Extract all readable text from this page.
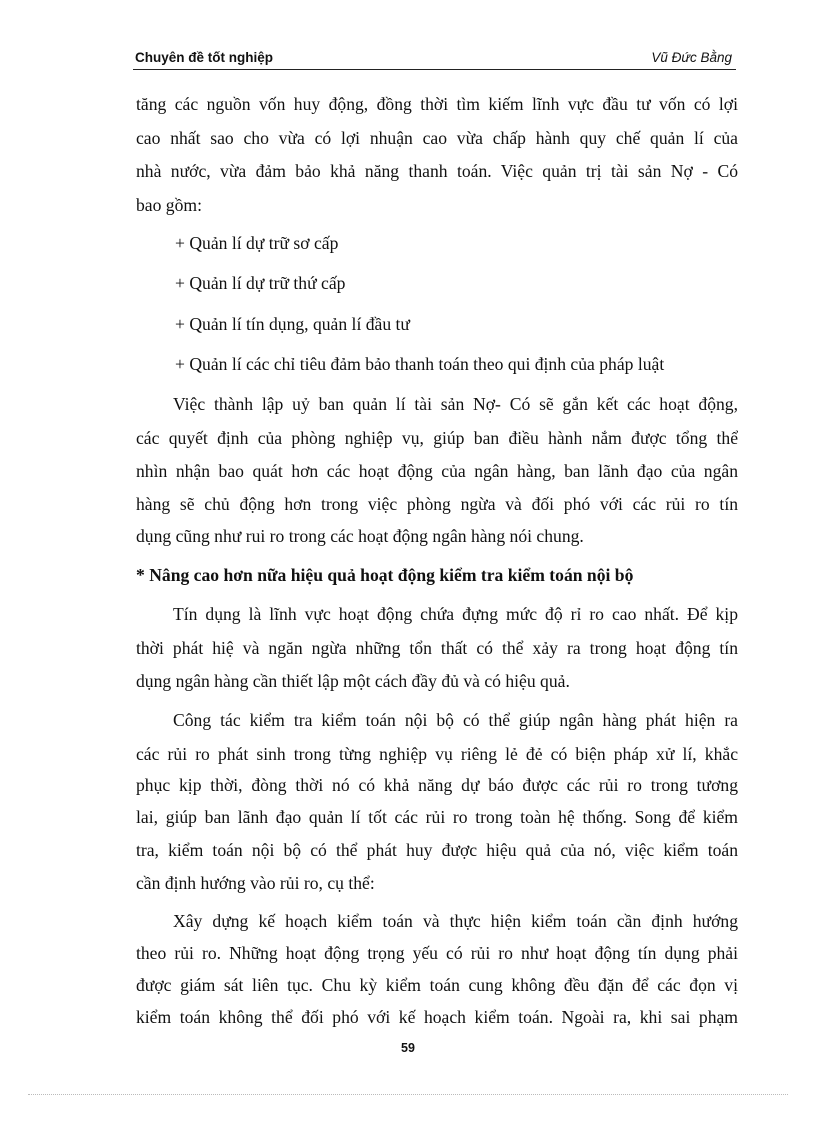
Chuyên đề tốt nghiệp	Vũ Đức Bằng
tăng các nguồn vốn huy động, đồng thời tìm kiếm lĩnh vực đầu tư vốn có lợi
cao nhất sao cho vừa có lợi nhuận cao vừa chấp hành quy chế quản lí của
nhà nước, vừa đảm bảo khả năng thanh toán. Việc quản trị tài sản Nợ - Có
bao gồm:
+ Quản lí dự trữ sơ cấp
+ Quản lí dự trữ thứ cấp
+ Quản lí tín dụng, quản lí đầu tư
+ Quản lí các chỉ tiêu đảm bảo thanh toán theo qui định của pháp luật
Việc thành lập uỷ ban quản lí tài sản Nợ- Có sẽ gắn kết các hoạt động,
các quyết định của phòng nghiệp vụ, giúp ban điều hành nắm được tổng thể
nhìn nhận bao quát hơn các hoạt động của ngân hàng, ban lãnh đạo của ngân
hàng sẽ chủ động hơn trong việc phòng ngừa và đối phó với các rủi ro tín
dụng cũng như rui ro trong các hoạt động ngân hàng nói chung.
* Nâng cao hơn nữa hiệu quả hoạt động kiểm tra kiểm toán nội bộ
Tín dụng là lĩnh vực hoạt động chứa đựng mức độ rỉ ro cao nhất. Để kịp
thời phát hiệ và ngăn ngừa những tổn thất có thể xảy ra trong hoạt động tín
dụng ngân hàng cần thiết lập một cách đầy đủ và có hiệu quả.
Công tác kiểm tra kiểm toán nội bộ có thể giúp ngân hàng phát hiện ra
các rủi ro phát sinh trong từng nghiệp vụ riêng lẻ đẻ có biện pháp xử lí, khắc
phục kịp thời, đòng thời nó có khả năng dự báo được các rủi ro trong tương
lai, giúp ban lãnh đạo quản lí tốt các rủi ro trong toàn hệ thống. Song để kiểm
tra, kiểm toán nội bộ có thể phát huy được hiệu quả của nó, việc kiểm toán
cần định hướng vào rủi ro, cụ thể:
Xây dựng kế hoạch kiểm toán và thực hiện kiểm toán cần định hướng
theo rủi ro. Những hoạt động trọng yếu có rủi ro như hoạt động tín dụng phải
được giám sát liên tục. Chu kỳ kiểm toán cung không đều đặn để các đọn vị
kiểm toán không thể đối phó với kế hoạch kiểm toán. Ngoài ra, khi sai phạm
59
